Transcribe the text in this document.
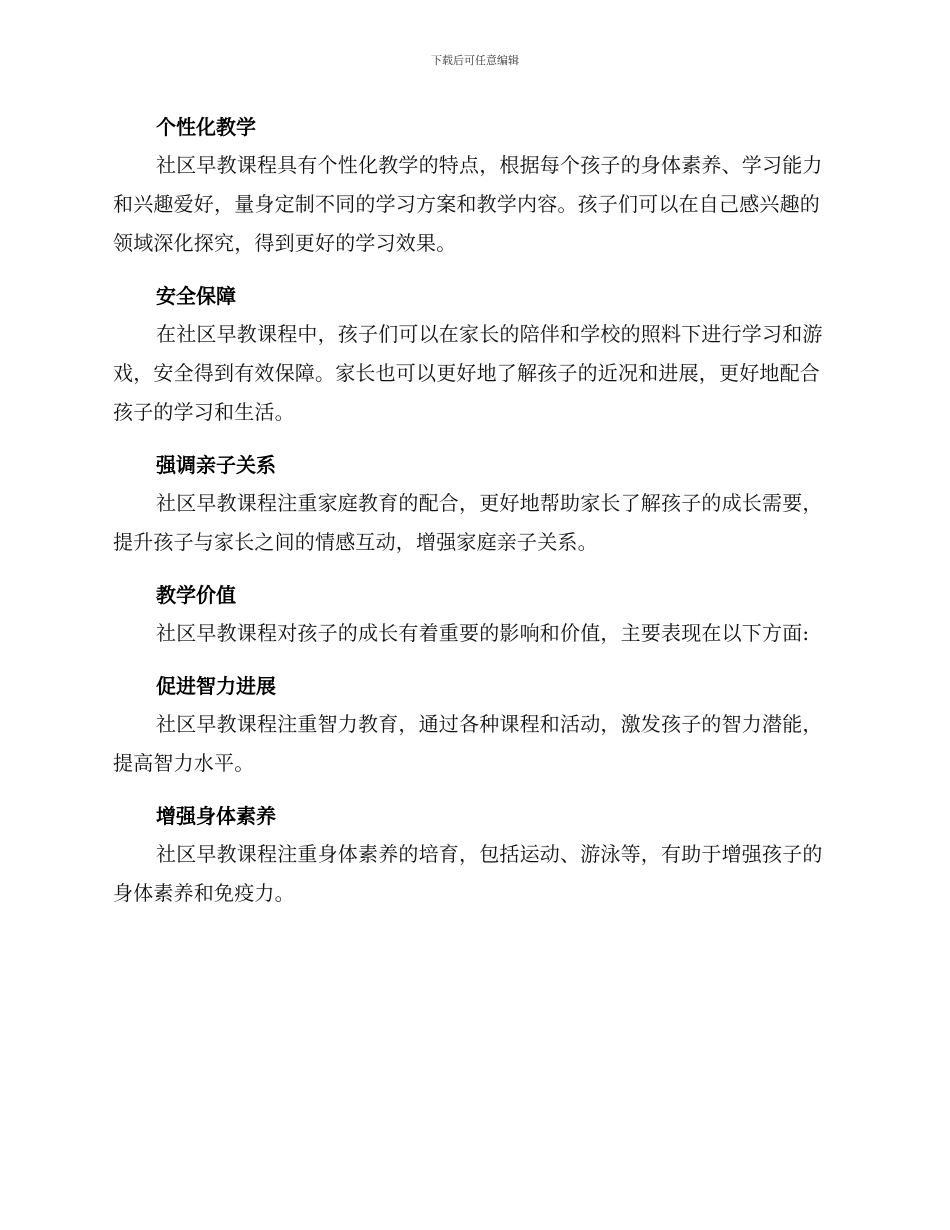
下载后可任意编辑
个性化教学

社区早教课程具有个性化教学的特点，根据每个孩子的身体素养、学习能力和兴趣爱好，量身定制不同的学习方案和教学内容。孩子们可以在自己感兴趣的领域深化探究，得到更好的学习效果。

安全保障

在社区早教课程中，孩子们可以在家长的陪伴和学校的照料下进行学习和游戏，安全得到有效保障。家长也可以更好地了解孩子的近况和进展，更好地配合孩子的学习和生活。

强调亲子关系

社区早教课程注重家庭教育的配合，更好地帮助家长了解孩子的成长需要，提升孩子与家长之间的情感互动，增强家庭亲子关系。

教学价值

社区早教课程对孩子的成长有着重要的影响和价值，主要表现在以下方面:

促进智力进展

社区早教课程注重智力教育，通过各种课程和活动，激发孩子的智力潜能，提高智力水平。

增强身体素养

社区早教课程注重身体素养的培育，包括运动、游泳等，有助于增强孩子的身体素养和免疫力。
